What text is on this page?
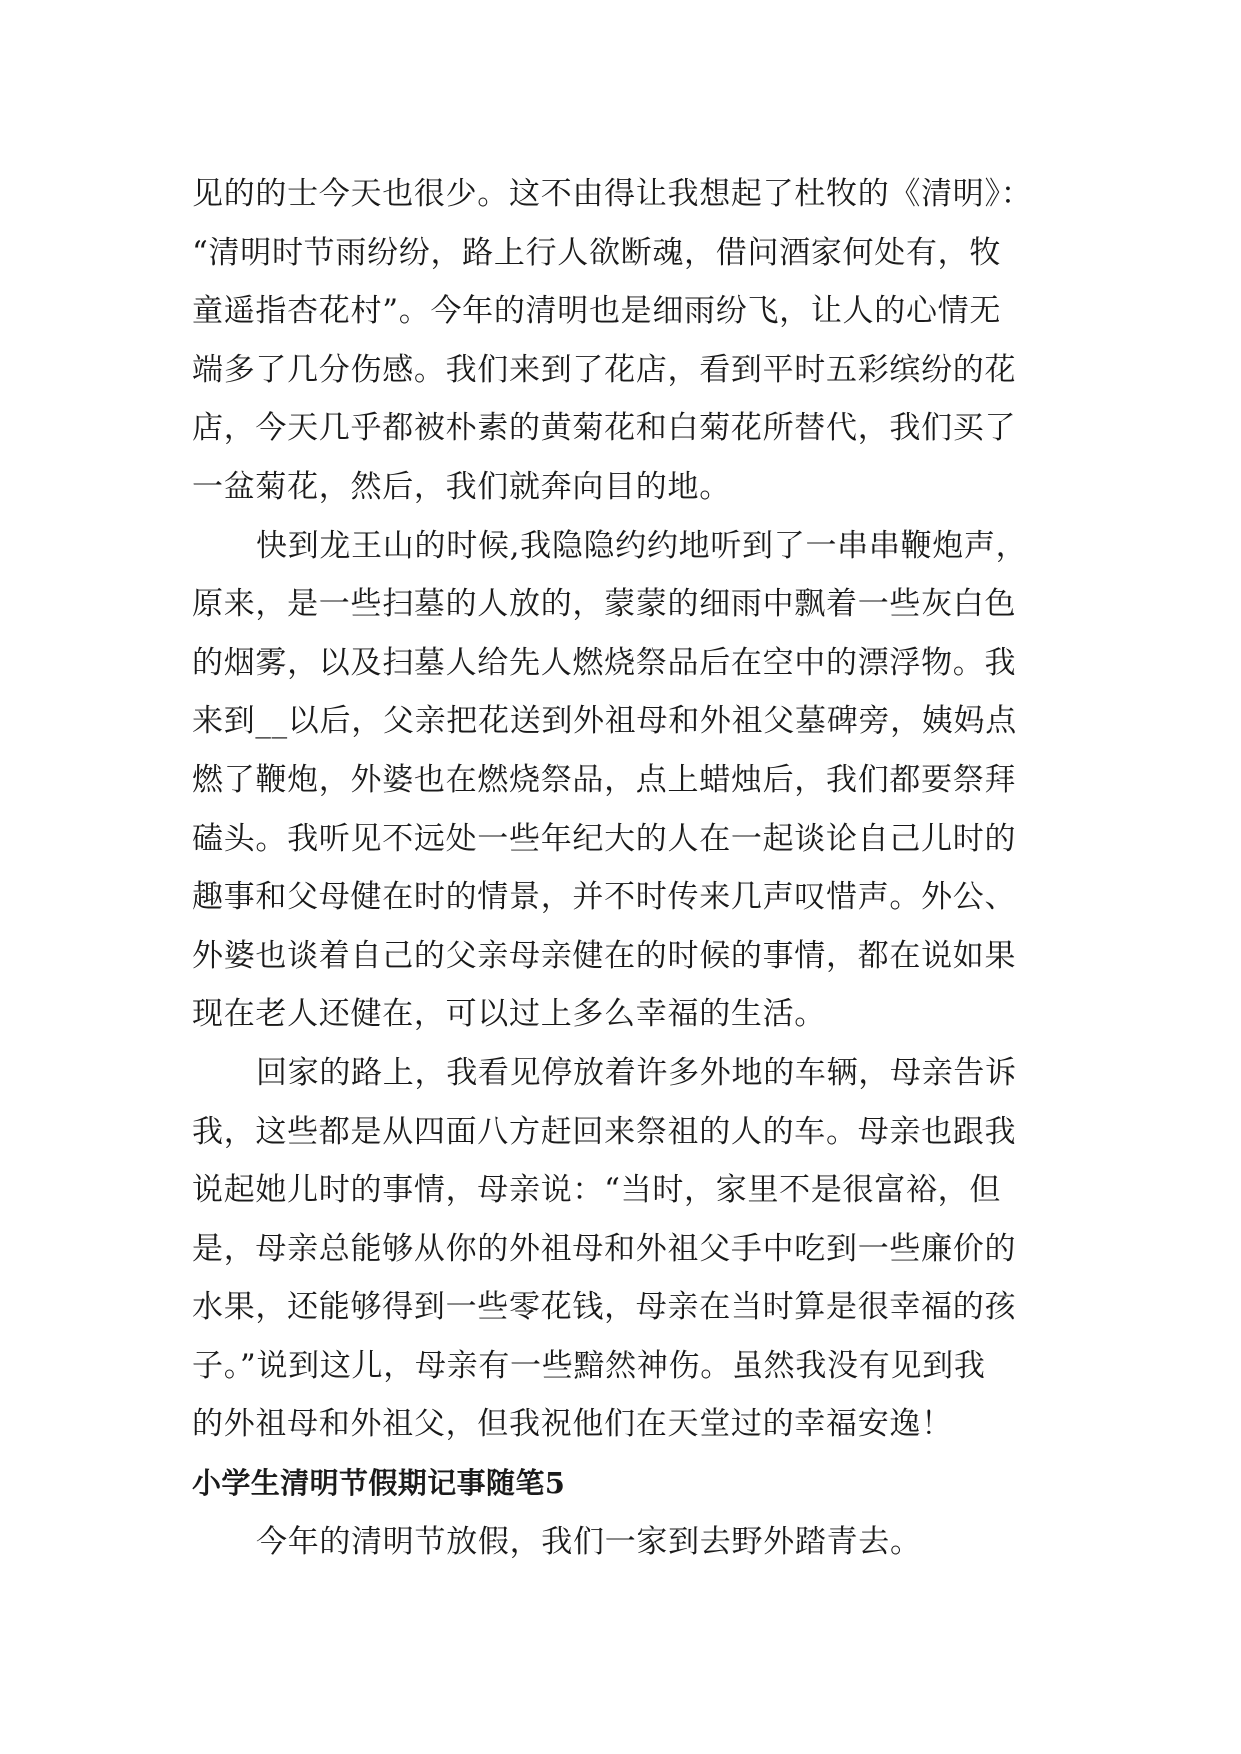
见的的士今天也很少。这不由得让我想起了杜牧的《清明》：
“清明时节雨纷纷，路上行人欲断魂，借问酒家何处有，牧
童遥指杏花村”。今年的清明也是细雨纷飞，让人的心情无
端多了几分伤感。我们来到了花店，看到平时五彩缤纷的花
店，今天几乎都被朴素的黄菊花和白菊花所替代，我们买了
一盆菊花，然后，我们就奔向目的地。

快到龙王山的时候,我隐隐约约地听到了一串串鞭炮声，
原来，是一些扫墓的人放的，蒙蒙的细雨中飘着一些灰白色
的烟雾，以及扫墓人给先人燃烧祭品后在空中的漂浮物。我
来到__以后，父亲把花送到外祖母和外祖父墓碑旁，姨妈点
燃了鞭炮，外婆也在燃烧祭品，点上蜡烛后，我们都要祭拜
磕头。我听见不远处一些年纪大的人在一起谈论自己儿时的
趣事和父母健在时的情景，并不时传来几声叹惜声。外公、
外婆也谈着自己的父亲母亲健在的时候的事情，都在说如果
现在老人还健在，可以过上多么幸福的生活。

回家的路上，我看见停放着许多外地的车辆，母亲告诉
我，这些都是从四面八方赶回来祭祖的人的车。母亲也跟我
说起她儿时的事情，母亲说：“当时，家里不是很富裕，但
是，母亲总能够从你的外祖母和外祖父手中吃到一些廉价的
水果，还能够得到一些零花钱，母亲在当时算是很幸福的孩
子。”说到这儿，母亲有一些黯然神伤。虽然我没有见到我
的外祖母和外祖父，但我祝他们在天堂过的幸福安逸！

小学生清明节假期记事随笔5

今年的清明节放假，我们一家到去野外踏青去。
